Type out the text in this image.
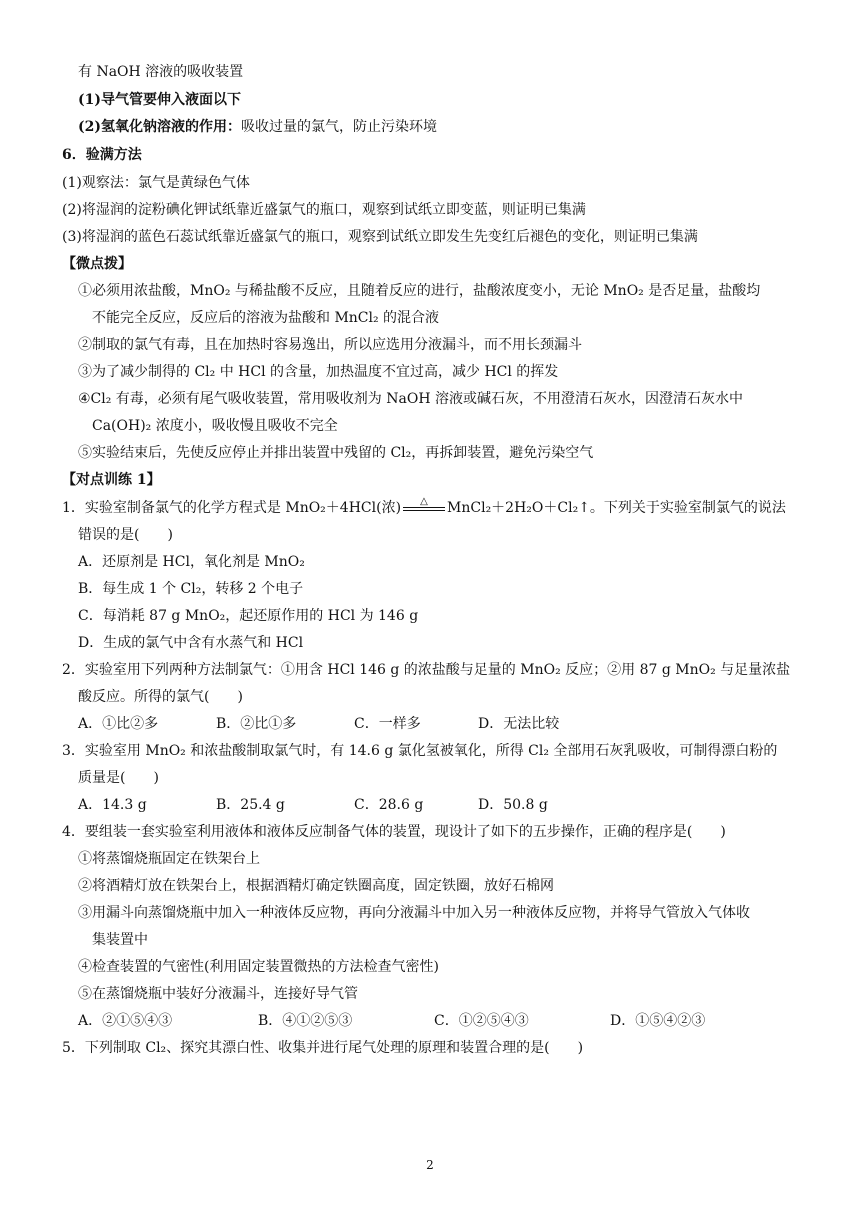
有 NaOH 溶液的吸收装置
(1)导气管要伸入液面以下
(2)氢氧化钠溶液的作用：吸收过量的氯气，防止污染环境
6．验满方法
(1)观察法：氯气是黄绿色气体
(2)将湿润的淀粉碘化钾试纸靠近盛氯气的瓶口，观察到试纸立即变蓝，则证明已集满
(3)将湿润的蓝色石蕊试纸靠近盛氯气的瓶口，观察到试纸立即发生先变红后褪色的变化，则证明已集满
【微点拨】
①必须用浓盐酸，MnO₂ 与稀盐酸不反应，且随着反应的进行，盐酸浓度变小，无论 MnO₂ 是否足量，盐酸均
不能完全反应，反应后的溶液为盐酸和 MnCl₂ 的混合液
②制取的氯气有毒，且在加热时容易逸出，所以应选用分液漏斗，而不用长颈漏斗
③为了减少制得的 Cl₂ 中 HCl 的含量，加热温度不宜过高，减少 HCl 的挥发
④Cl₂ 有毒，必须有尾气吸收装置，常用吸收剂为 NaOH 溶液或碱石灰，不用澄清石灰水，因澄清石灰水中
Ca(OH)₂ 浓度小，吸收慢且吸收不完全
⑤实验结束后，先使反应停止并排出装置中残留的 Cl₂，再拆卸装置，避免污染空气
【对点训练 1】
1．实验室制备氯气的化学方程式是 MnO₂＋4HCl(浓)	△	MnCl₂＋2H₂O＋Cl₂↑。下列关于实验室制氯气的说法
错误的是(　　)
A．还原剂是 HCl，氧化剂是 MnO₂
B．每生成 1 个 Cl₂，转移 2 个电子
C．每消耗 87 g MnO₂，起还原作用的 HCl 为 146 g
D．生成的氯气中含有水蒸气和 HCl
2．实验室用下列两种方法制氯气：①用含 HCl 146 g 的浓盐酸与足量的 MnO₂ 反应；②用 87 g MnO₂ 与足量浓盐
酸反应。所得的氯气(　　)
A．①比②多	B．②比①多	C．一样多	D．无法比较
3．实验室用 MnO₂ 和浓盐酸制取氯气时，有 14.6 g 氯化氢被氧化，所得 Cl₂ 全部用石灰乳吸收，可制得漂白粉的
质量是(　　)
A．14.3 g	B．25.4 g	C．28.6 g	D．50.8 g
4．要组装一套实验室利用液体和液体反应制备气体的装置，现设计了如下的五步操作，正确的程序是(　　)
①将蒸馏烧瓶固定在铁架台上
②将酒精灯放在铁架台上，根据酒精灯确定铁圈高度，固定铁圈，放好石棉网
③用漏斗向蒸馏烧瓶中加入一种液体反应物，再向分液漏斗中加入另一种液体反应物，并将导气管放入气体收
集装置中
④检查装置的气密性(利用固定装置微热的方法检查气密性)
⑤在蒸馏烧瓶中装好分液漏斗，连接好导气管
A．②①⑤④③	B．④①②⑤③	C．①②⑤④③	D．①⑤④②③
5．下列制取 Cl₂、探究其漂白性、收集并进行尾气处理的原理和装置合理的是(　　)
2
